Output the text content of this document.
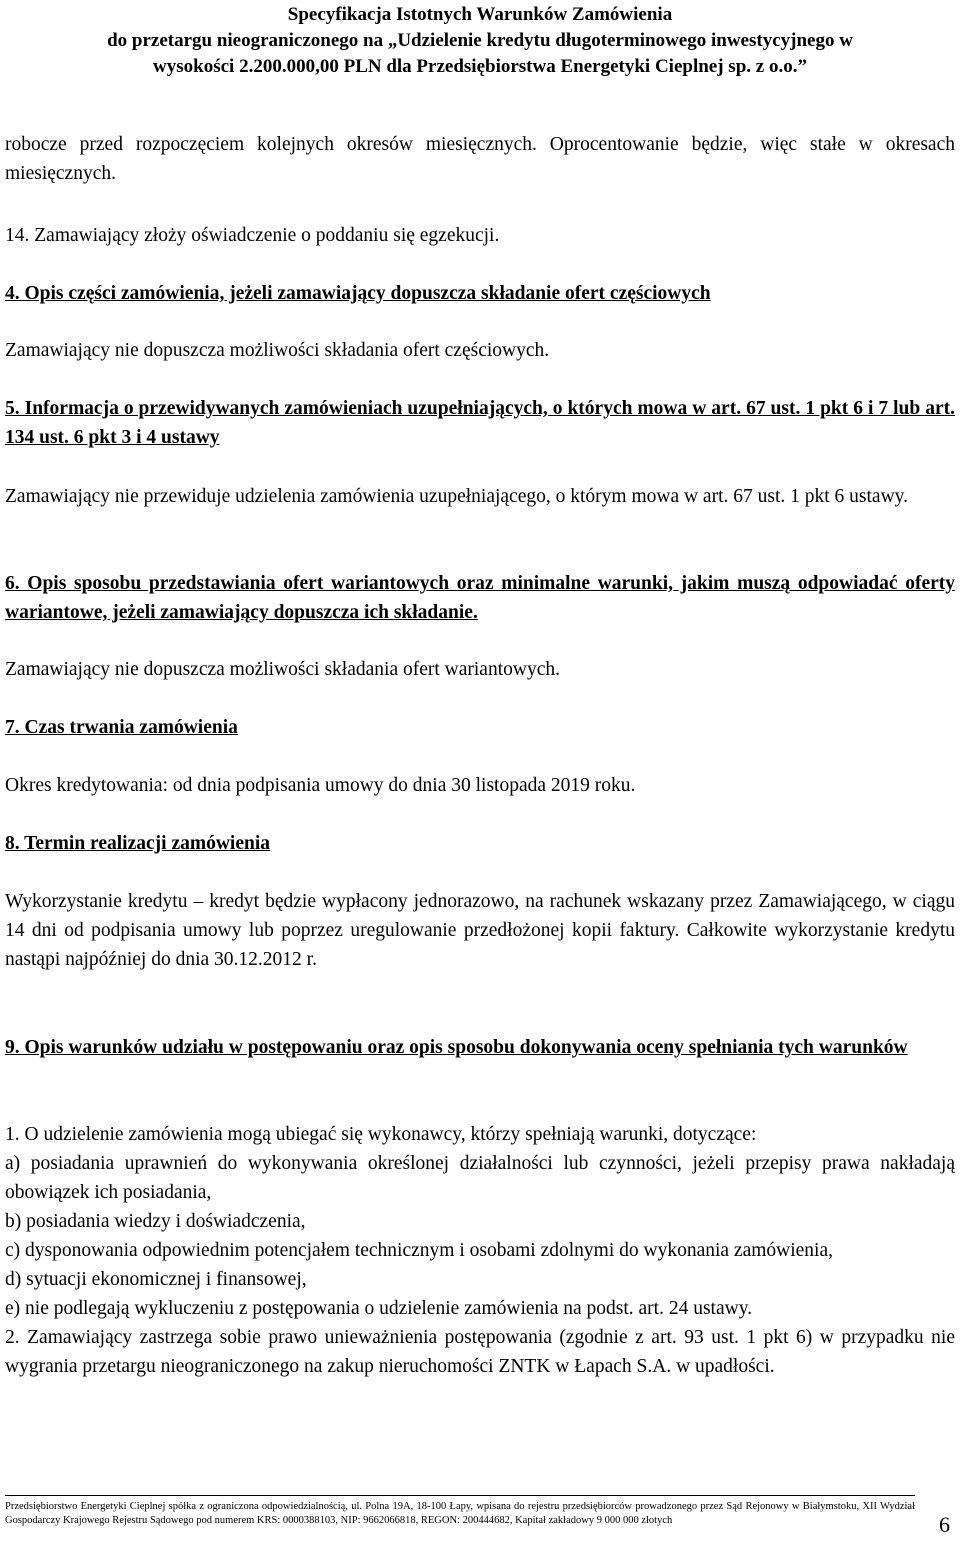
Specyfikacja Istotnych Warunków Zamówienia
do przetargu nieograniczonego na „Udzielenie kredytu długoterminowego inwestycyjnego w
wysokości 2.200.000,00 PLN dla Przedsiębiorstwa Energetyki Cieplnej sp. z o.o.”

robocze przed rozpoczęciem kolejnych okresów miesięcznych. Oprocentowanie będzie, więc stałe w okresach miesięcznych.

14. Zamawiający złoży oświadczenie o poddaniu się egzekucji.

4. Opis części zamówienia, jeżeli zamawiający dopuszcza składanie ofert częściowych

Zamawiający nie dopuszcza możliwości składania ofert częściowych.

5. Informacja o przewidywanych zamówieniach uzupełniających, o których mowa w art. 67 ust. 1 pkt 6 i 7 lub art. 134 ust. 6 pkt 3 i 4 ustawy

Zamawiający nie przewiduje udzielenia zamówienia uzupełniającego, o którym mowa w art. 67 ust. 1 pkt 6 ustawy.

6. Opis sposobu przedstawiania ofert wariantowych oraz minimalne warunki, jakim muszą odpowiadać oferty wariantowe, jeżeli zamawiający dopuszcza ich składanie.

Zamawiający nie dopuszcza możliwości składania ofert wariantowych.

7. Czas trwania zamówienia

Okres kredytowania: od dnia podpisania umowy do dnia 30 listopada 2019 roku.

8. Termin realizacji zamówienia

Wykorzystanie kredytu – kredyt będzie wypłacony jednorazowo, na rachunek wskazany przez Zamawiającego, w ciągu 14 dni od podpisania umowy lub poprzez uregulowanie przedłożonej kopii faktury. Całkowite wykorzystanie kredytu nastąpi najpóźniej do dnia 30.12.2012 r.

9. Opis warunków udziału w postępowaniu oraz opis sposobu dokonywania oceny spełniania tych warunków

1. O udzielenie zamówienia mogą ubiegać się wykonawcy, którzy spełniają warunki, dotyczące:

a) posiadania uprawnień do wykonywania określonej działalności lub czynności, jeżeli przepisy prawa nakładają obowiązek ich posiadania,

b) posiadania wiedzy i doświadczenia,

c) dysponowania odpowiednim potencjałem technicznym i osobami zdolnymi do wykonania zamówienia,

d) sytuacji ekonomicznej i finansowej,

e) nie podlegają wykluczeniu z postępowania o udzielenie zamówienia na podst. art. 24 ustawy.

2. Zamawiający zastrzega sobie prawo unieważnienia postępowania (zgodnie z art. 93 ust. 1 pkt 6) w przypadku nie wygrania przetargu nieograniczonego na zakup nieruchomości ZNTK w Łapach S.A. w upadłości.

Przedsiębiorstwo Energetyki Cieplnej spółka z ograniczona odpowiedzialnością, ul. Polna 19A, 18-100 Łapy, wpisana do rejestru przedsiębiorców prowadzonego przez Sąd Rejonowy w Białymstoku, XII Wydział Gospodarczy Krajowego Rejestru Sądowego pod numerem KRS: 0000388103, NIP: 9662066818, REGON: 200444682, Kapitał zakładowy 9 000 000 złotych	6
